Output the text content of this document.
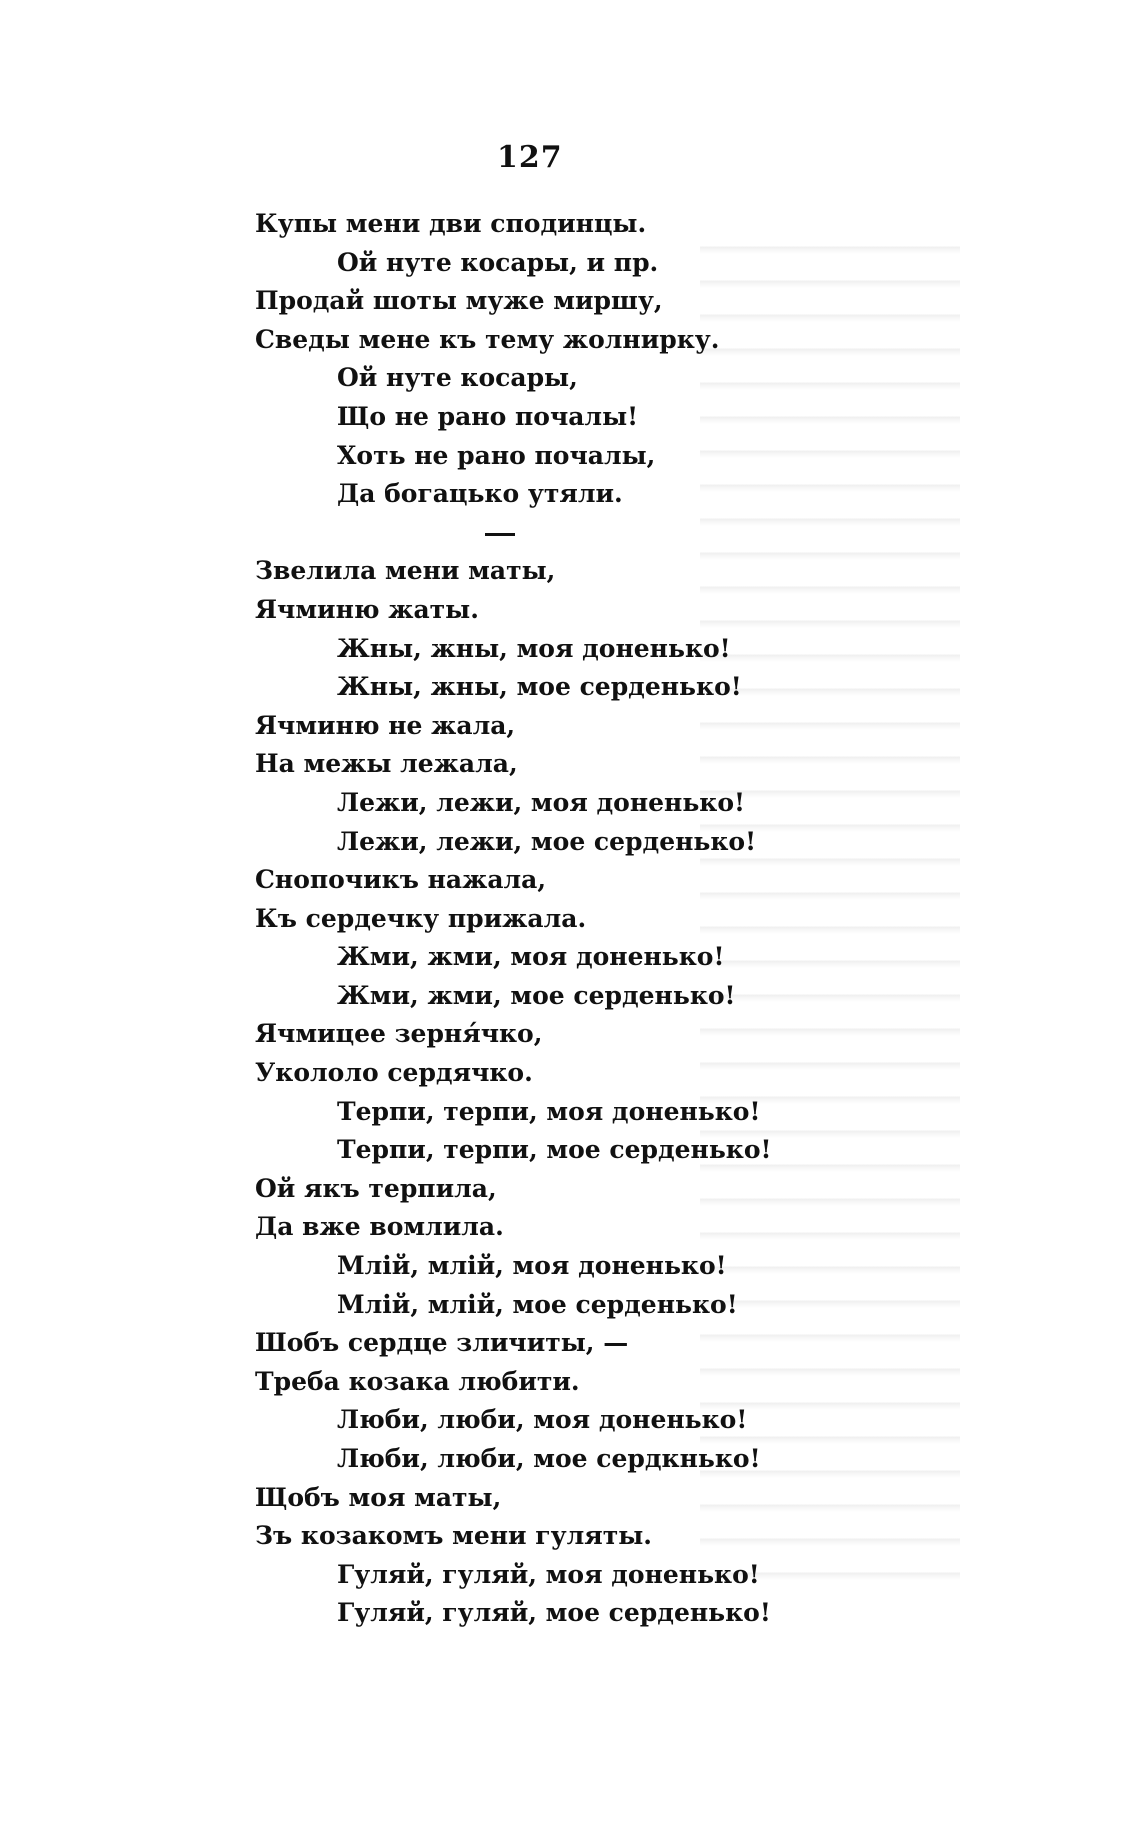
127
Купы мени дви сподинцы.
Ой нуте косары, и пр.
Продай шоты муже миршу,
Сведы мене къ тему жолнирку.
Ой нуте косары,
Що не рано почалы!
Хоть не рано почалы,
Да богацько утяли.
Звелила мени маты,
Ячминю жаты.
Жны, жны, моя доненько!
Жны, жны, мое серденько!
Ячминю не жала,
На межы лежала,
Лежи, лежи, моя доненько!
Лежи, лежи, мое серденько!
Снопочикъ нажала,
Къ сердечку прижала.
Жми, жми, моя доненько!
Жми, жми, мое серденько!
Ячмицее зерня́чко,
Укололо сердячко.
Терпи, терпи, моя доненько!
Терпи, терпи, мое серденько!
Ой якъ терпила,
Да вже вомлила.
Млій, млій, моя доненько!
Млій, млій, мое серденько!
Шобъ сердце зличиты, —
Треба козака любити.
Люби, люби, моя доненько!
Люби, люби, мое сердкнько!
Щобъ моя маты,
Зъ козакомъ мени гуляты.
Гуляй, гуляй, моя доненько!
Гуляй, гуляй, мое серденько!
